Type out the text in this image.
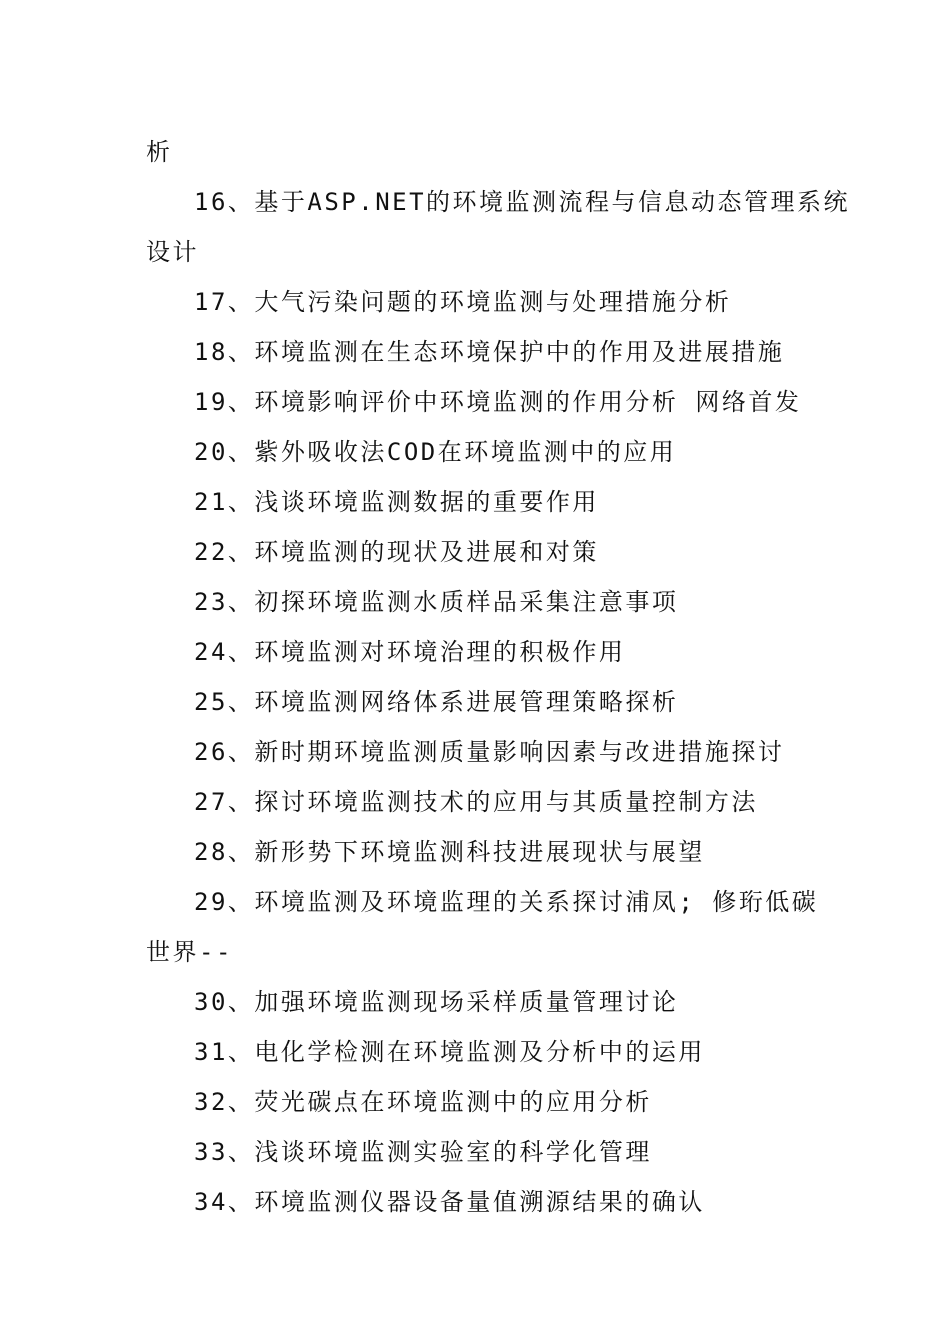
析
16、基于ASP.NET的环境监测流程与信息动态管理系统
设计
17、大气污染问题的环境监测与处理措施分析
18、环境监测在生态环境保护中的作用及进展措施
19、环境影响评价中环境监测的作用分析 网络首发
20、紫外吸收法COD在环境监测中的应用
21、浅谈环境监测数据的重要作用
22、环境监测的现状及进展和对策
23、初探环境监测水质样品采集注意事项
24、环境监测对环境治理的积极作用
25、环境监测网络体系进展管理策略探析
26、新时期环境监测质量影响因素与改进措施探讨
27、探讨环境监测技术的应用与其质量控制方法
28、新形势下环境监测科技进展现状与展望
29、环境监测及环境监理的关系探讨浦凤; 修珩低碳
世界--
30、加强环境监测现场采样质量管理讨论
31、电化学检测在环境监测及分析中的运用
32、荧光碳点在环境监测中的应用分析
33、浅谈环境监测实验室的科学化管理
34、环境监测仪器设备量值溯源结果的确认
